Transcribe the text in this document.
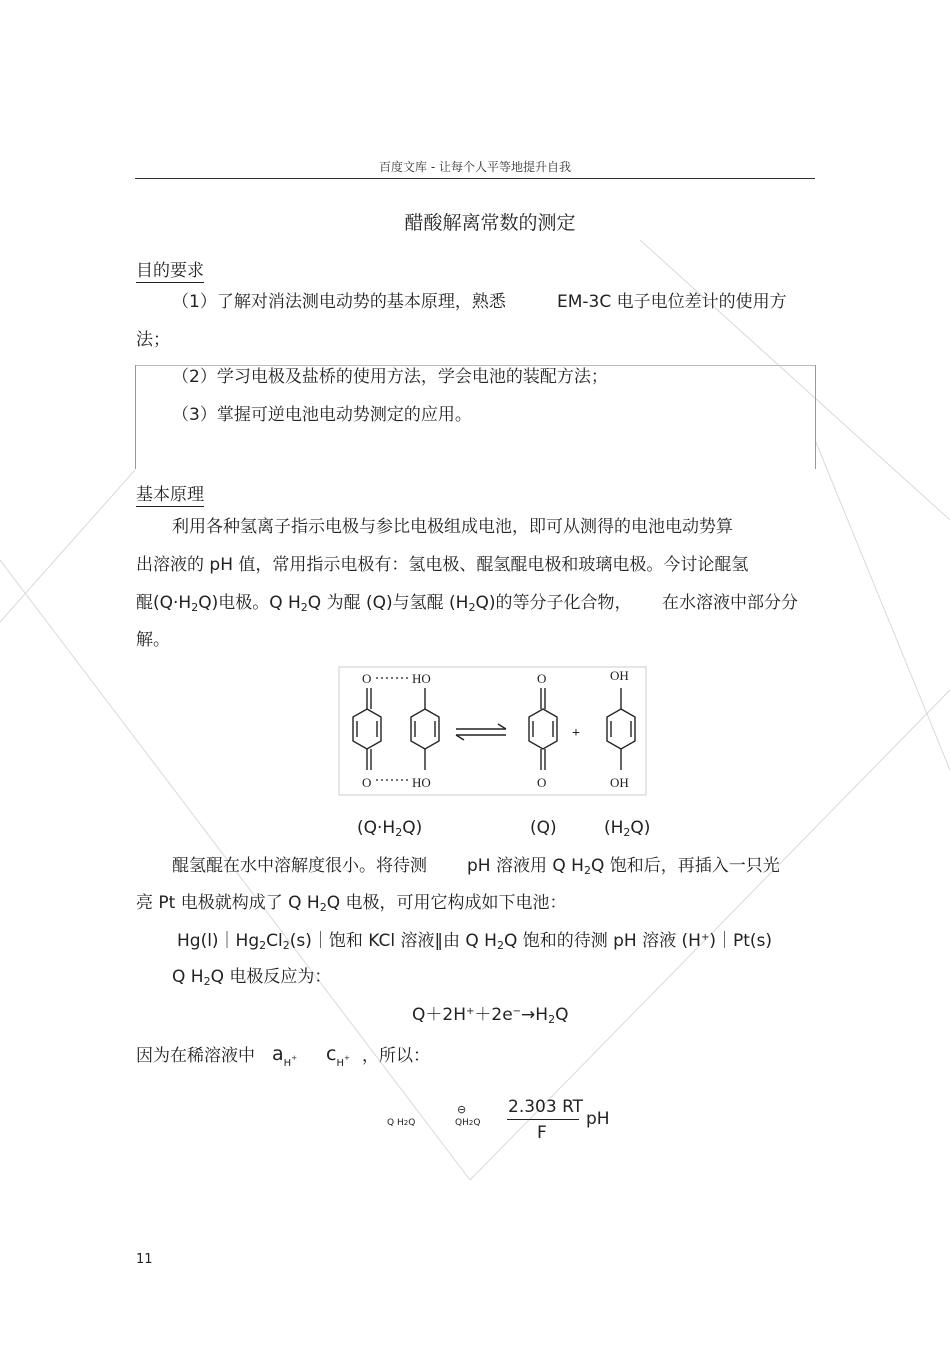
百度文库 - 让每个人平等地提升自我
醋酸解离常数的测定
目的要求
（1）了解对消法测电动势的基本原理，熟悉	EM-3C 电子电位差计的使用方
法；
（2）学习电极及盐桥的使用方法，学会电池的装配方法；
（3）掌握可逆电池电动势测定的应用。
基本原理
利用各种氢离子指示电极与参比电极组成电池，即可从测得的电池电动势算
出溶液的 pH 值，常用指示电极有：氢电极、醌氢醌电极和玻璃电极。今讨论醌氢
醌(Q·H2Q)电极。Q H2Q 为醌 (Q)与氢醌 (H2Q)的等分子化合物， 在水溶液中部分分
解。
O	HO
O	HO
O
O
+
OH
OH
(Q·H2Q)	(Q)	(H2Q)
醌氢醌在水中溶解度很小。将待测 pH 溶液用 Q H2Q 饱和后，再插入一只光
亮 Pt 电极就构成了 Q H2Q 电极，可用它构成如下电池：
Hg(l)｜Hg2Cl2(s)｜饱和 KCl 溶液‖由 Q H2Q 饱和的待测 pH 溶液 (H+)｜Pt(s)
Q H2Q 电极反应为：
Q＋2H+＋2e−→H2Q
因为在稀溶液中 $a_H+ c_H+$ ，所以：
Q H2Q
⊖
QH2Q
2.303 RT
F
pH
11
